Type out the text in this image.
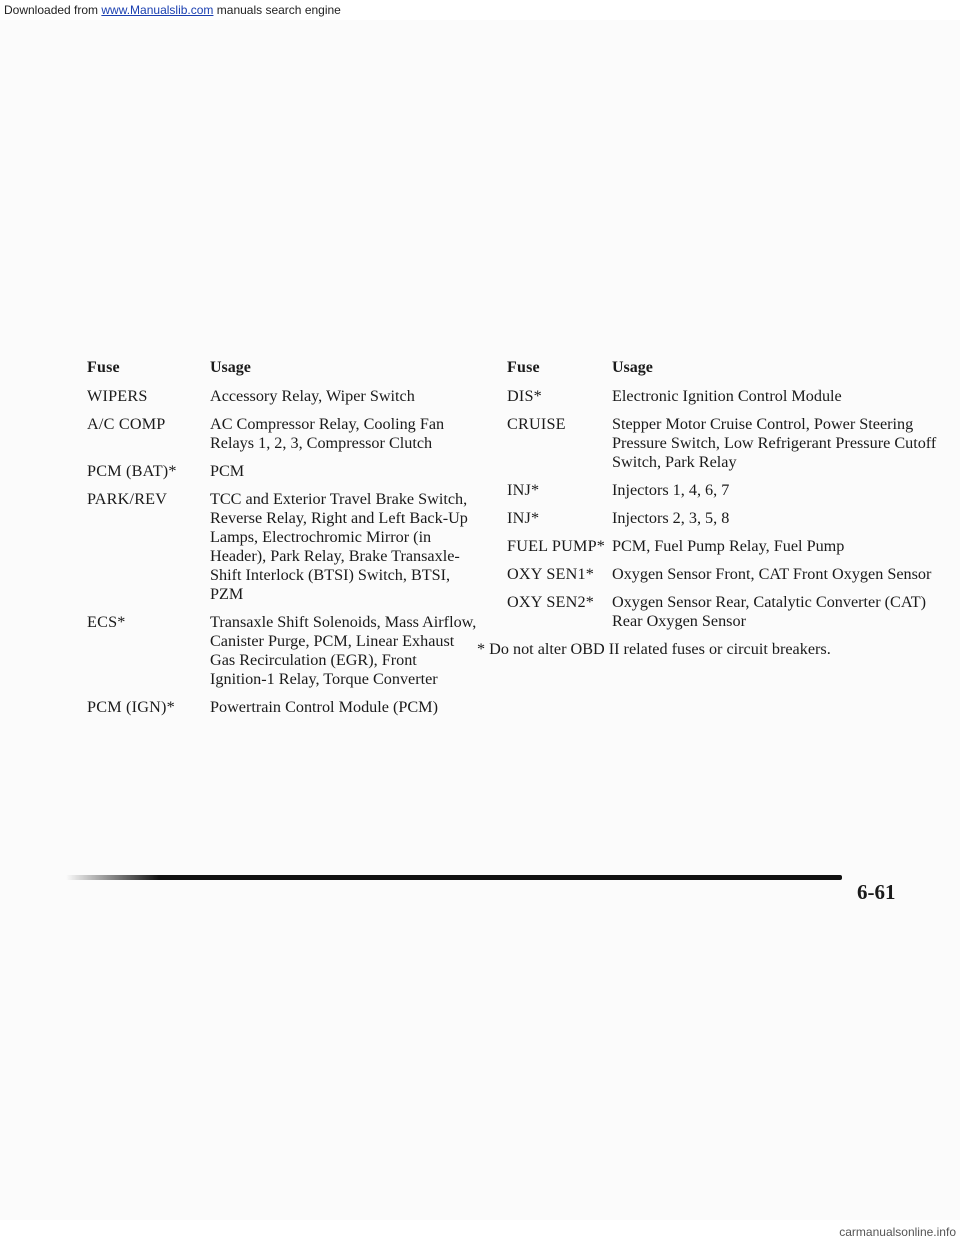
Downloaded from www.Manualslib.com manuals search engine
Fuse	Usage
WIPERS	Accessory Relay, Wiper Switch
A/C COMP	AC Compressor Relay, Cooling Fan Relays 1, 2, 3, Compressor Clutch
PCM (BAT)*	PCM
PARK/REV	TCC and Exterior Travel Brake Switch, Reverse Relay, Right and Left Back-Up Lamps, Electrochromic Mirror (in Header), Park Relay, Brake Transaxle-Shift Interlock (BTSI) Switch, BTSI, PZM
ECS*	Transaxle Shift Solenoids, Mass Airflow, Canister Purge, PCM, Linear Exhaust Gas Recirculation (EGR), Front Ignition-1 Relay, Torque Converter
PCM (IGN)*	Powertrain Control Module (PCM)
Fuse	Usage
DIS*	Electronic Ignition Control Module
CRUISE	Stepper Motor Cruise Control, Power Steering Pressure Switch, Low Refrigerant Pressure Cutoff Switch, Park Relay
INJ*	Injectors 1, 4, 6, 7
INJ*	Injectors 2, 3, 5, 8
FUEL PUMP* PCM, Fuel Pump Relay, Fuel Pump
OXY SEN1*	Oxygen Sensor Front, CAT Front Oxygen Sensor
OXY SEN2*	Oxygen Sensor Rear, Catalytic Converter (CAT) Rear Oxygen Sensor
* Do not alter OBD II related fuses or circuit breakers.
6-61
carmanualsonline.info
